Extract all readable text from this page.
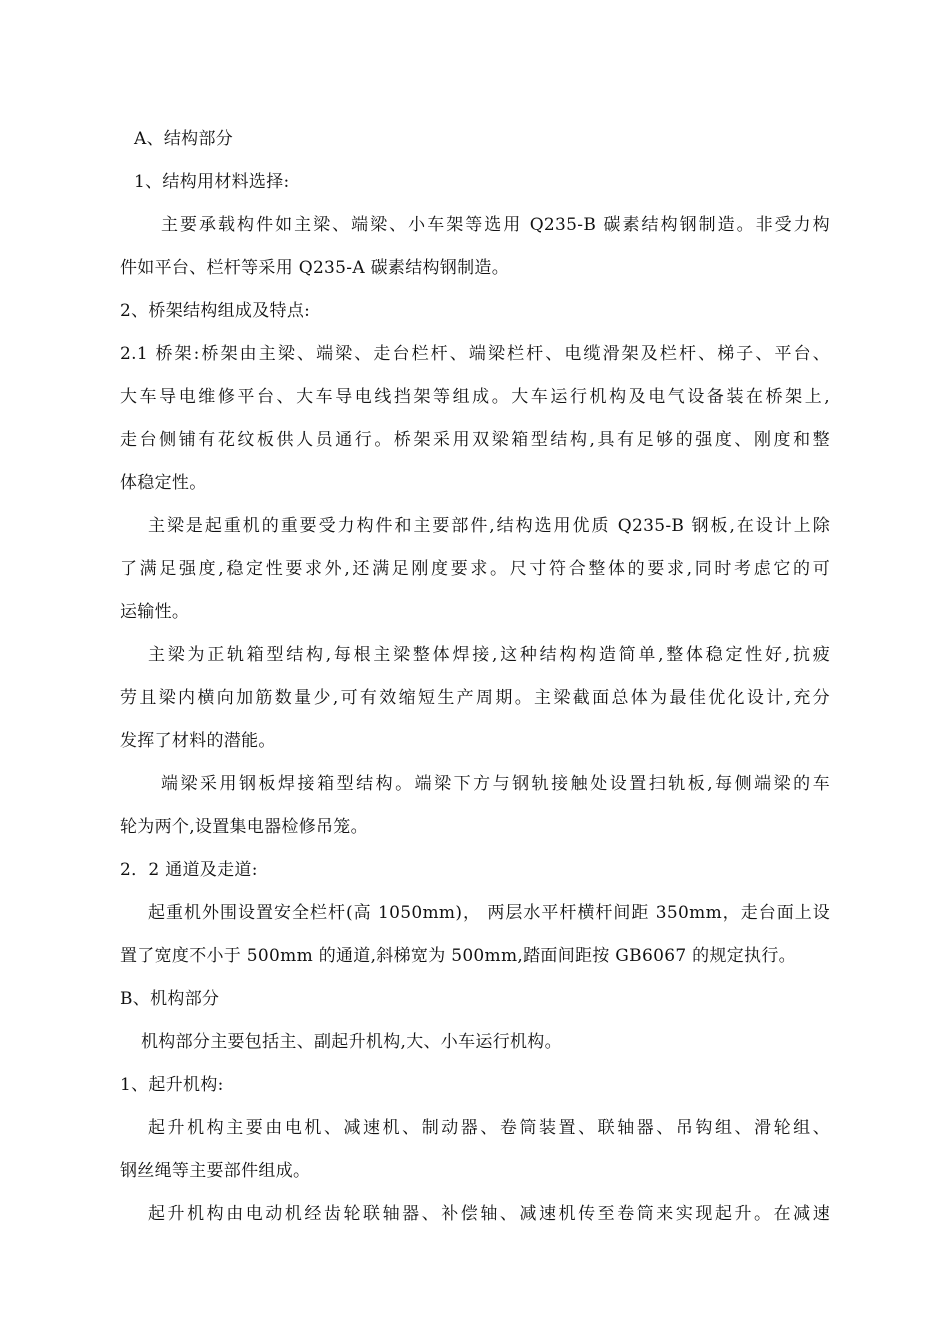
A、结构部分
1、结构用材料选择:
主要承载构件如主梁、端梁、小车架等选用 Q235-B 碳素结构钢制造。非受力构
件如平台、栏杆等采用 Q235-A 碳素结构钢制造。
2、桥架结构组成及特点:
2.1 桥架:桥架由主梁、端梁、走台栏杆、端梁栏杆、电缆滑架及栏杆、梯子、平台、
大车导电维修平台、大车导电线挡架等组成。大车运行机构及电气设备装在桥架上,
走台侧铺有花纹板供人员通行。桥架采用双梁箱型结构,具有足够的强度、刚度和整
体稳定性。
主梁是起重机的重要受力构件和主要部件,结构选用优质 Q235-B 钢板,在设计上除
了满足强度,稳定性要求外,还满足刚度要求。尺寸符合整体的要求,同时考虑它的可
运输性。
主梁为正轨箱型结构,每根主梁整体焊接,这种结构构造简单,整体稳定性好,抗疲
劳且梁内横向加筋数量少,可有效缩短生产周期。主梁截面总体为最佳优化设计,充分
发挥了材料的潜能。
端梁采用钢板焊接箱型结构。端梁下方与钢轨接触处设置扫轨板,每侧端梁的车
轮为两个,设置集电器检修吊笼。
2．2 通道及走道:
起重机外围设置安全栏杆(高 1050mm)， 两层水平杆横杆间距 350mm，走台面上设
置了宽度不小于 500mm 的通道,斜梯宽为 500mm,踏面间距按 GB6067 的规定执行。
B、机构部分
机构部分主要包括主、副起升机构,大、小车运行机构。
1、起升机构:
起升机构主要由电机、减速机、制动器、卷筒装置、联轴器、吊钩组、滑轮组、
钢丝绳等主要部件组成。
起升机构由电动机经齿轮联轴器、补偿轴、减速机传至卷筒来实现起升。在减速
